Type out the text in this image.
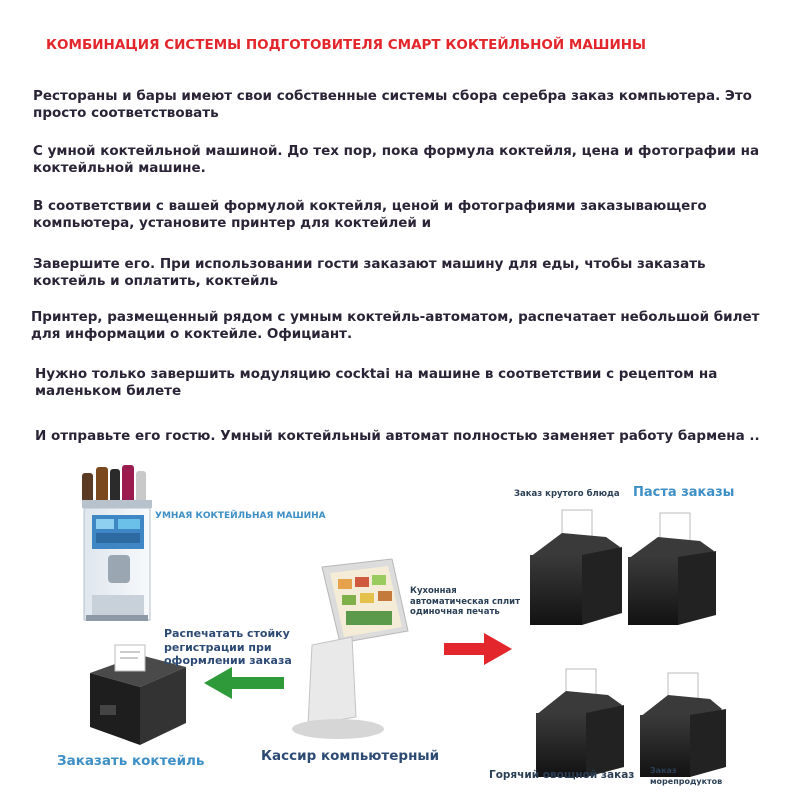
КОМБИНАЦИЯ СИСТЕМЫ ПОДГОТОВИТЕЛЯ СМАРТ КОКТЕЙЛЬНОЙ МАШИНЫ
Рестораны и бары имеют свои собственные системы сбора серебра заказ компьютера. Это просто соответствовать
С умной коктейльной машиной. До тех пор, пока формула коктейля, цена и фотографии на коктейльной машине.
В соответствии с вашей формулой коктейля, ценой и фотографиями заказывающего компьютера, установите принтер для коктейлей и
Завершите его. При использовании гости заказают машину для еды, чтобы заказать коктейль и оплатить, коктейль
Принтер, размещенный рядом с умным коктейль-автоматом, распечатает небольшой билет для информации о коктейле. Официант.
Нужно только завершить модуляцию cocktai на машине в соответствии с рецептом на маленьком билете
И отправьте его гостю. Умный коктейльный автомат полностью заменяет работу бармена ..
УМНАЯ КОКТЕЙЛЬНАЯ МАШИНА
Распечатать стойку регистрации при оформлении заказа
Заказать коктейль	Кассир компьютерный
Кухонная автоматическая сплит одиночная печать
Заказ крутого блюда Паста заказы
Горячий овощной заказ Заказ морепродуктов
